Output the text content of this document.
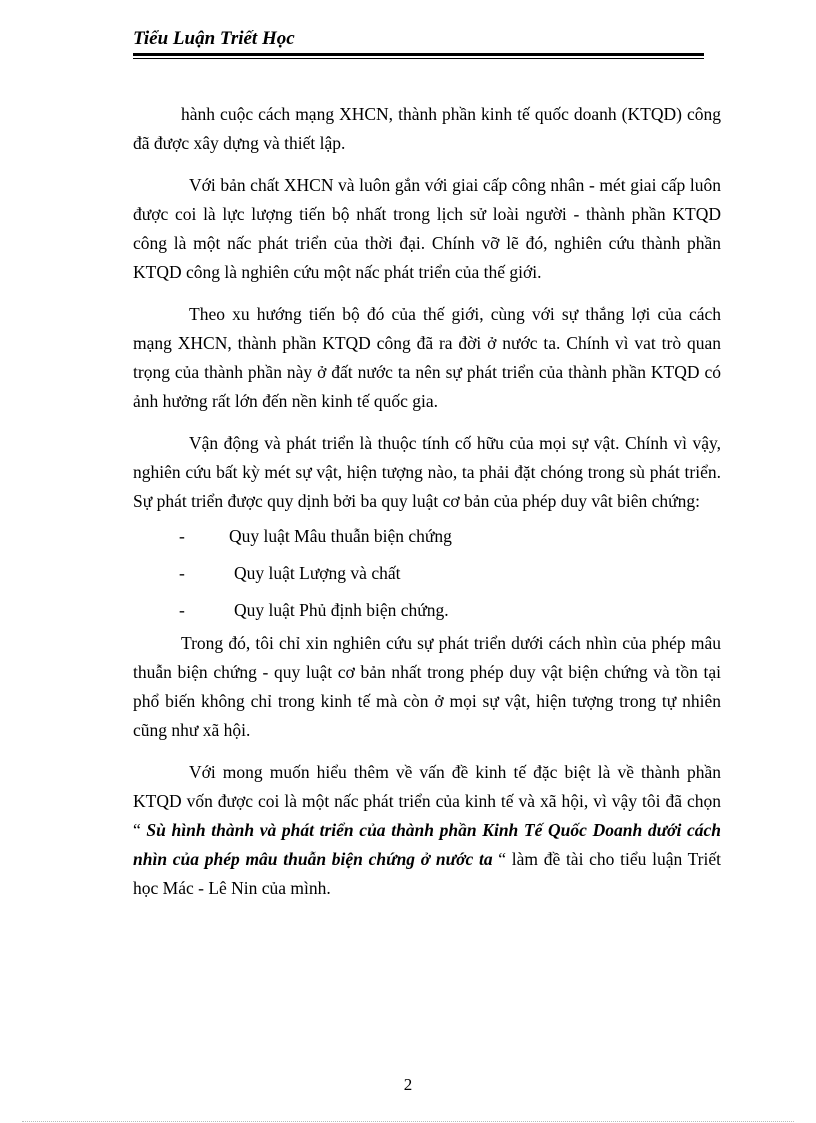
Tiểu Luận Triết Học

hành cuộc cách mạng XHCN, thành phần kinh tế quốc doanh (KTQD) công đã được xây dựng và thiết lập.

Với bản chất XHCN và luôn gắn với giai cấp công nhân - mét giai cấp luôn được coi là lực lượng tiến bộ nhất trong lịch sử loài người - thành phần KTQD công là một nấc phát triển của thời đại. Chính vỡ lẽ đó, nghiên cứu thành phần KTQD công là nghiên cứu một nấc phát triển của thế giới.

Theo xu hướng tiến bộ đó của thế giới, cùng với sự thắng lợi của cách mạng XHCN, thành phần KTQD công đã ra đời ở nước ta. Chính vì vat trò quan trọng của thành phần này ở đất nước ta nên sự phát triển của thành phần KTQD có ảnh hưởng rất lớn đến nền kinh tế quốc gia.

Vận động và phát triển là thuộc tính cố hữu của mọi sự vật. Chính vì vậy, nghiên cứu bất kỳ mét sự vật, hiện tượng nào, ta phải đặt chóng trong sù phát triển. Sự phát triển được quy dịnh bởi ba quy luật cơ bản của phép duy vât biên chứng:

-	Quy luật Mâu thuẫn biện chứng
-	Quy luật Lượng và chất
-	Quy luật Phủ định biện chứng.

Trong đó, tôi chỉ xin nghiên cứu sự phát triển dưới cách nhìn của phép mâu thuẫn biện chứng - quy luật cơ bản nhất trong phép duy vật biện chứng và tồn tại phổ biến không chỉ trong kinh tế mà còn ở mọi sự vật, hiện tượng trong tự nhiên cũng như xã hội.

Với mong muốn hiểu thêm về vấn đề kinh tế đặc biệt là về thành phần KTQD vốn được coi là một nấc phát triển của kinh tế và xã hội, vì vậy tôi đã chọn “ Sù hình thành và phát triển của thành phần Kinh Tế Quốc Doanh dưới cách nhìn của phép mâu thuẫn biện chứng ở nước ta “ làm đề tài cho tiểu luận Triết học Mác - Lê Nin của mình.

2
